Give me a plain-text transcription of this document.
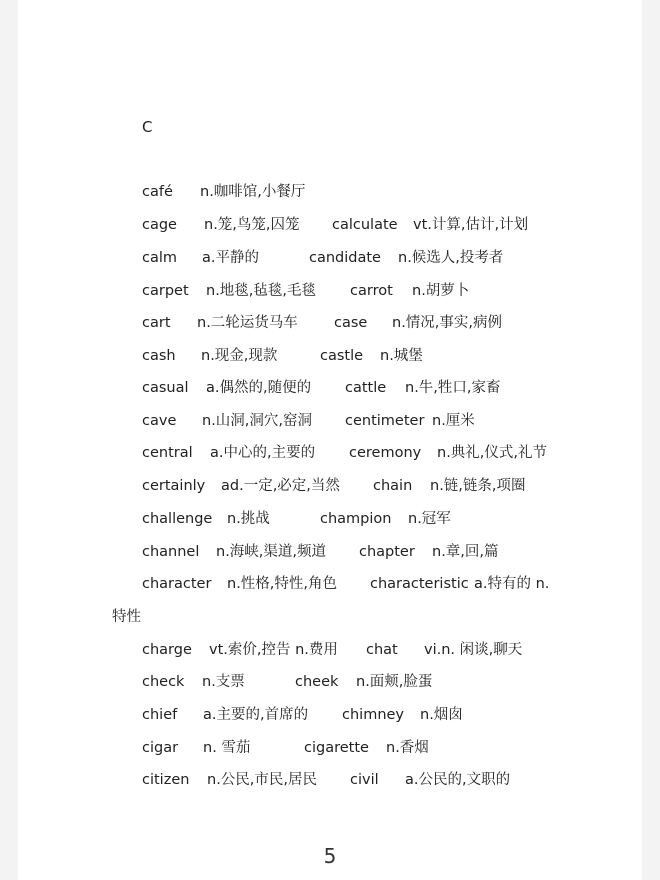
C
café n.咖啡馆,小餐厅
cage n.笼,鸟笼,囚笼 calculate vt.计算,估计,计划
calm a.平静的	candidate n.候选人,投考者
carpet n.地毯,毡毯,毛毯 carrot n.胡萝卜
cart n.二轮运货马车 case n.情况,事实,病例
cash n.现金,现款	castle n.城堡
casual a.偶然的,随便的 cattle n.牛,牲口,家畜
cave n.山洞,洞穴,窑洞 centimeter n.厘米
central a.中心的,主要的 ceremony n.典礼,仪式,礼节
certainly ad.一定,必定,当然 chain n.链,链条,项圈
challenge n.挑战	champion n.冠军
channel n.海峡,渠道,频道 chapter n.章,回,篇
character n.性格,特性,角色 characteristic a.特有的 n.
特性
charge vt.索价,控告 n.费用 chat vi.n. 闲谈,聊天
check n.支票	cheek n.面颊,脸蛋
chief a.主要的,首席的 chimney n.烟囱
cigar n. 雪茄	cigarette n.香烟
citizen n.公民,市民,居民 civil a.公民的,文职的
5
